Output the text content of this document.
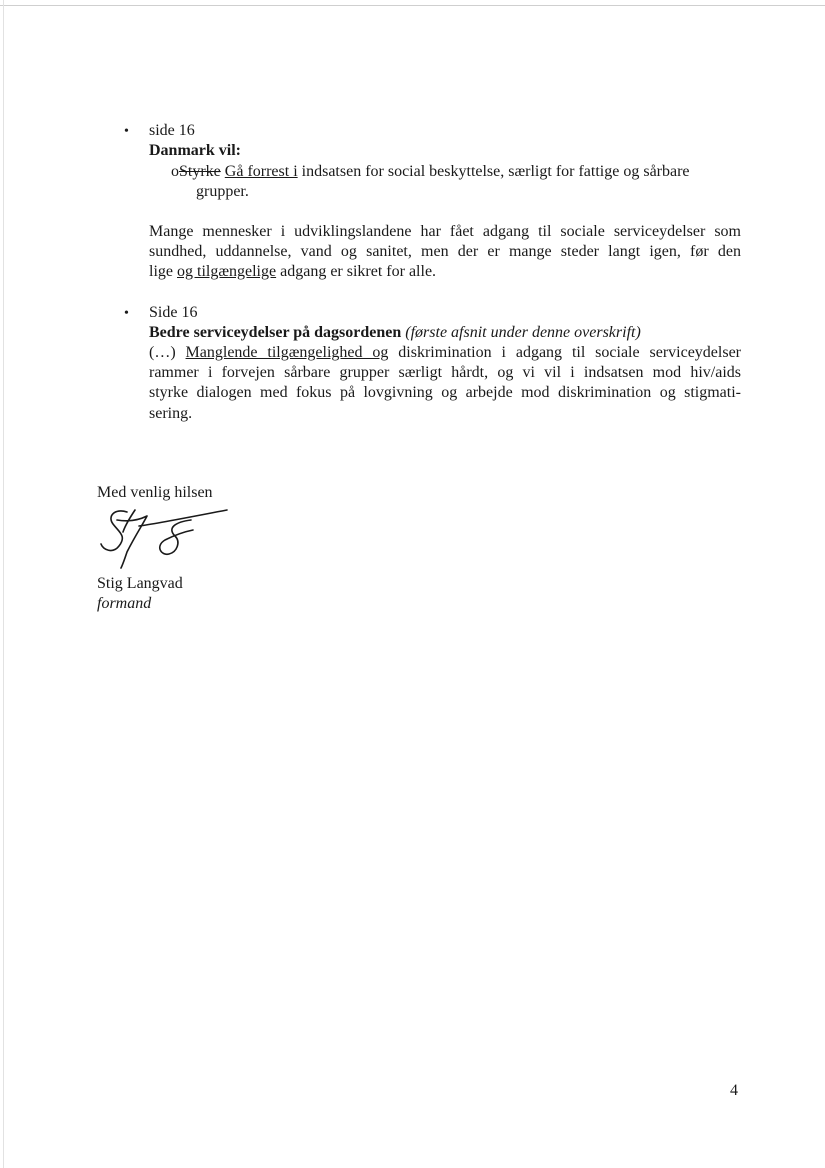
• side 16
Danmark vil:
oStyrke Gå forrest i indsatsen for social beskyttelse, særligt for fattige og sårbare
grupper.
Mange mennesker i udviklingslandene har fået adgang til sociale serviceydelser som
sundhed, uddannelse, vand og sanitet, men der er mange steder langt igen, før den
lige og tilgængelige adgang er sikret for alle.
• Side 16
Bedre serviceydelser på dagsordenen (første afsnit under denne overskrift)
(…) Manglende tilgængelighed og diskrimination i adgang til sociale serviceydelser
rammer i forvejen sårbare grupper særligt hårdt, og vi vil i indsatsen mod hiv/aids
styrke dialogen med fokus på lovgivning og arbejde mod diskrimination og stigmati-
sering.
Med venlig hilsen
Stig Langvad
formand
4
